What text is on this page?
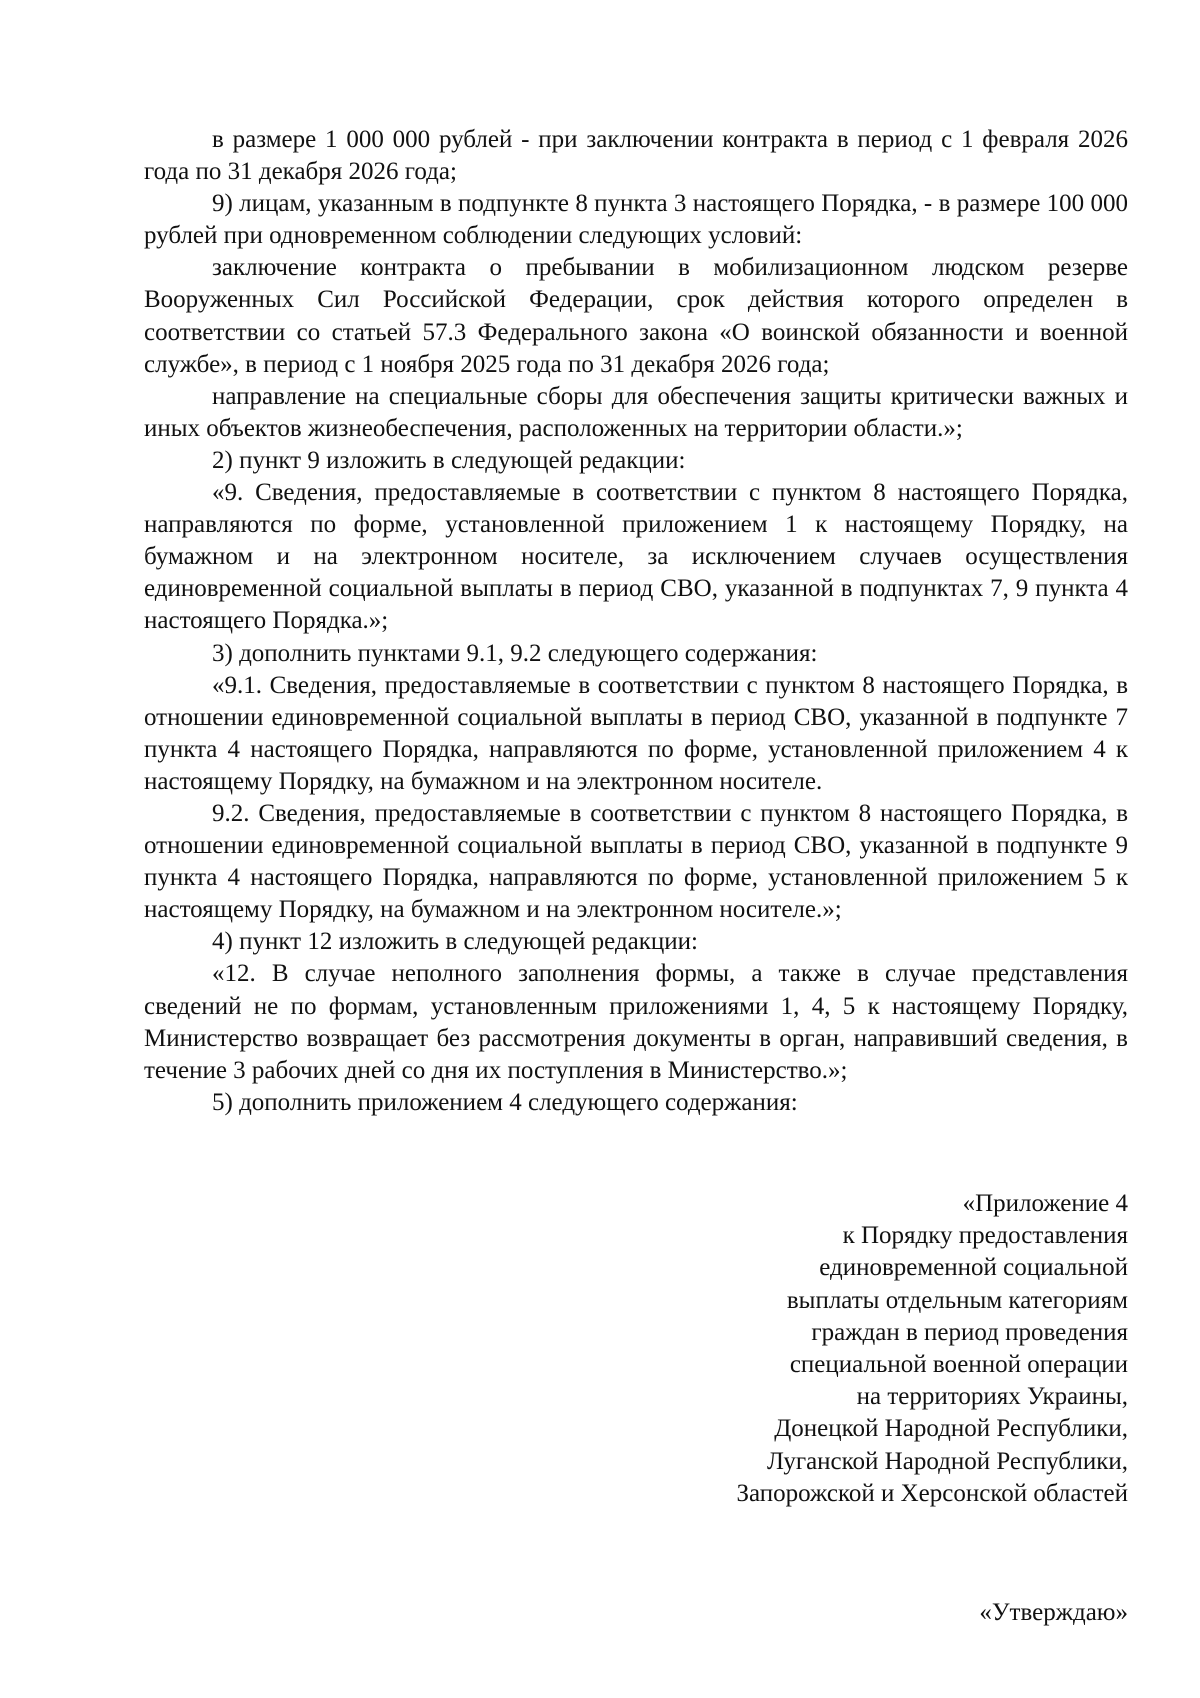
в размере 1 000 000 рублей - при заключении контракта в период с 1 февраля 2026 года по 31 декабря 2026 года;

9) лицам, указанным в подпункте 8 пункта 3 настоящего Порядка, - в размере 100 000 рублей при одновременном соблюдении следующих условий:

заключение контракта о пребывании в мобилизационном людском резерве Вооруженных Сил Российской Федерации, срок действия которого определен в соответствии со статьей 57.3 Федерального закона «О воинской обязанности и военной службе», в период с 1 ноября 2025 года по 31 декабря 2026 года;

направление на специальные сборы для обеспечения защиты критически важных и иных объектов жизнеобеспечения, расположенных на территории области.»;

2) пункт 9 изложить в следующей редакции:

«9. Сведения, предоставляемые в соответствии с пунктом 8 настоящего Порядка, направляются по форме, установленной приложением 1 к настоящему Порядку, на бумажном и на электронном носителе, за исключением случаев осуществления единовременной социальной выплаты в период СВО, указанной в подпунктах 7, 9 пункта 4 настоящего Порядка.»;

3) дополнить пунктами 9.1, 9.2 следующего содержания:

«9.1. Сведения, предоставляемые в соответствии с пунктом 8 настоящего Порядка, в отношении единовременной социальной выплаты в период СВО, указанной в подпункте 7 пункта 4 настоящего Порядка, направляются по форме, установленной приложением 4 к настоящему Порядку, на бумажном и на электронном носителе.

9.2. Сведения, предоставляемые в соответствии с пунктом 8 настоящего Порядка, в отношении единовременной социальной выплаты в период СВО, указанной в подпункте 9 пункта 4 настоящего Порядка, направляются по форме, установленной приложением 5 к настоящему Порядку, на бумажном и на электронном носителе.»;

4) пункт 12 изложить в следующей редакции:

«12. В случае неполного заполнения формы, а также в случае представления сведений не по формам, установленным приложениями 1, 4, 5 к настоящему Порядку, Министерство возвращает без рассмотрения документы в орган, направивший сведения, в течение 3 рабочих дней со дня их поступления в Министерство.»;

5) дополнить приложением 4 следующего содержания:

«Приложение 4
к Порядку предоставления
единовременной социальной
выплаты отдельным категориям
граждан в период проведения
специальной военной операции
на территориях Украины,
Донецкой Народной Республики,
Луганской Народной Республики,
Запорожской и Херсонской областей
«Утверждаю»
